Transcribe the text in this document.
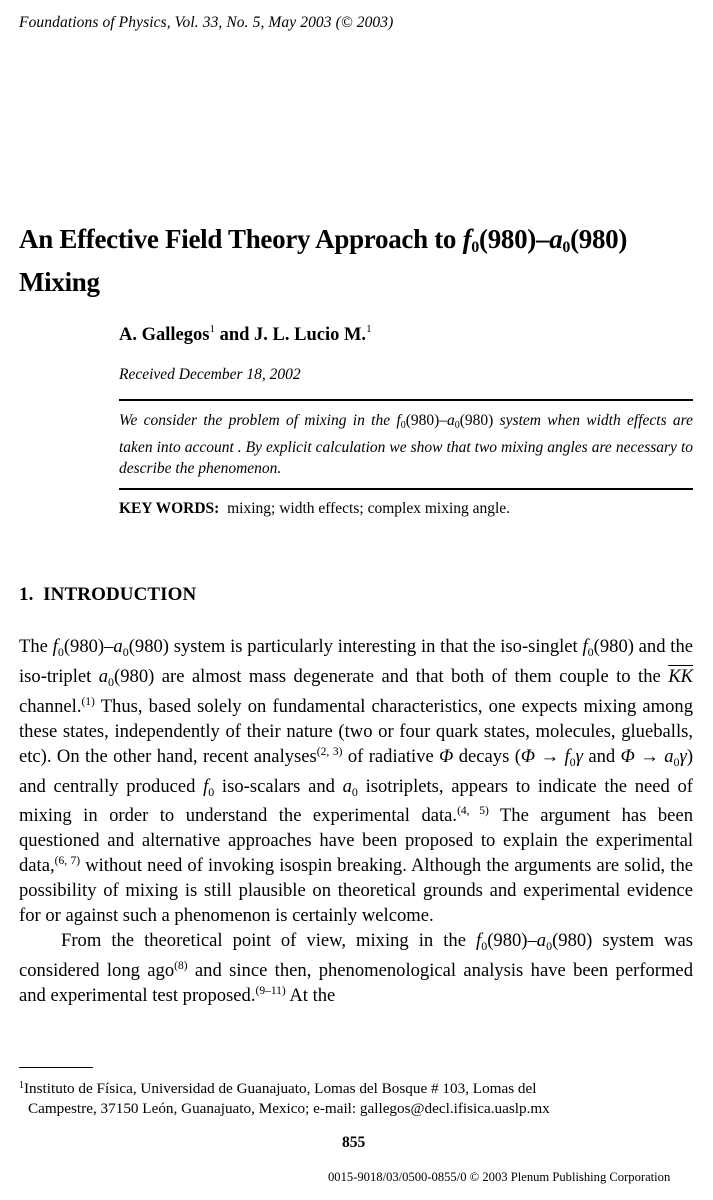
Foundations of Physics, Vol. 33, No. 5, May 2003 (© 2003)
An Effective Field Theory Approach to $f_0(980)-a_0(980)$
Mixing
A. Gallegos$^1$ and J. L. Lucio M.$^1$
Received December 18, 2002
We consider the problem of mixing in the $f_0(980)-a_0(980)$ system when width effects are taken into account . By explicit calculation we show that two mixing angles are necessary to describe the phenomenon.
KEY WORDS: mixing; width effects; complex mixing angle.
1. INTRODUCTION

The $f_0(980)-a_0(980)$ system is particularly interesting in that the iso-singlet $f_0(980)$ and the iso-triplet $a_0(980)$ are almost mass degenerate and that both of them couple to the $\overline{KK}$ channel.$^{(1)}$ Thus, based solely on fundamental characteristics, one expects mixing among these states, independently of their nature (two or four quark states, molecules, glueballs, etc). On the other hand, recent analyses$^{(2, 3)}$ of radiative Φ decays ($\Phi \to f_0\gamma$ and $\Phi \to a_0\gamma$) and centrally produced $f_0$ iso-scalars and $a_0$ isotriplets, appears to indicate the need of mixing in order to understand the experimental data.$^{(4, 5)}$ The argument has been questioned and alternative approaches have been proposed to explain the experimental data,$^{(6, 7)}$ without need of invoking isospin breaking. Although the arguments are solid, the possibility of mixing is still plausible on theoretical grounds and experimental evidence for or against such a phenomenon is certainly welcome.

From the theoretical point of view, mixing in the $f_0(980)-a_0(980)$ system was considered long ago$^{(8)}$ and since then, phenomenological analysis have been performed and experimental test proposed.$^{(9-11)}$ At the

$^1$Instituto de Física, Universidad de Guanajuato, Lomas del Bosque # 103, Lomas del
Campestre, 37150 León, Guanajuato, Mexico; e-mail: gallegos@decl.ifisica.uaslp.mx
855
0015-9018/03/0500-0855/0 © 2003 Plenum Publishing Corporation
